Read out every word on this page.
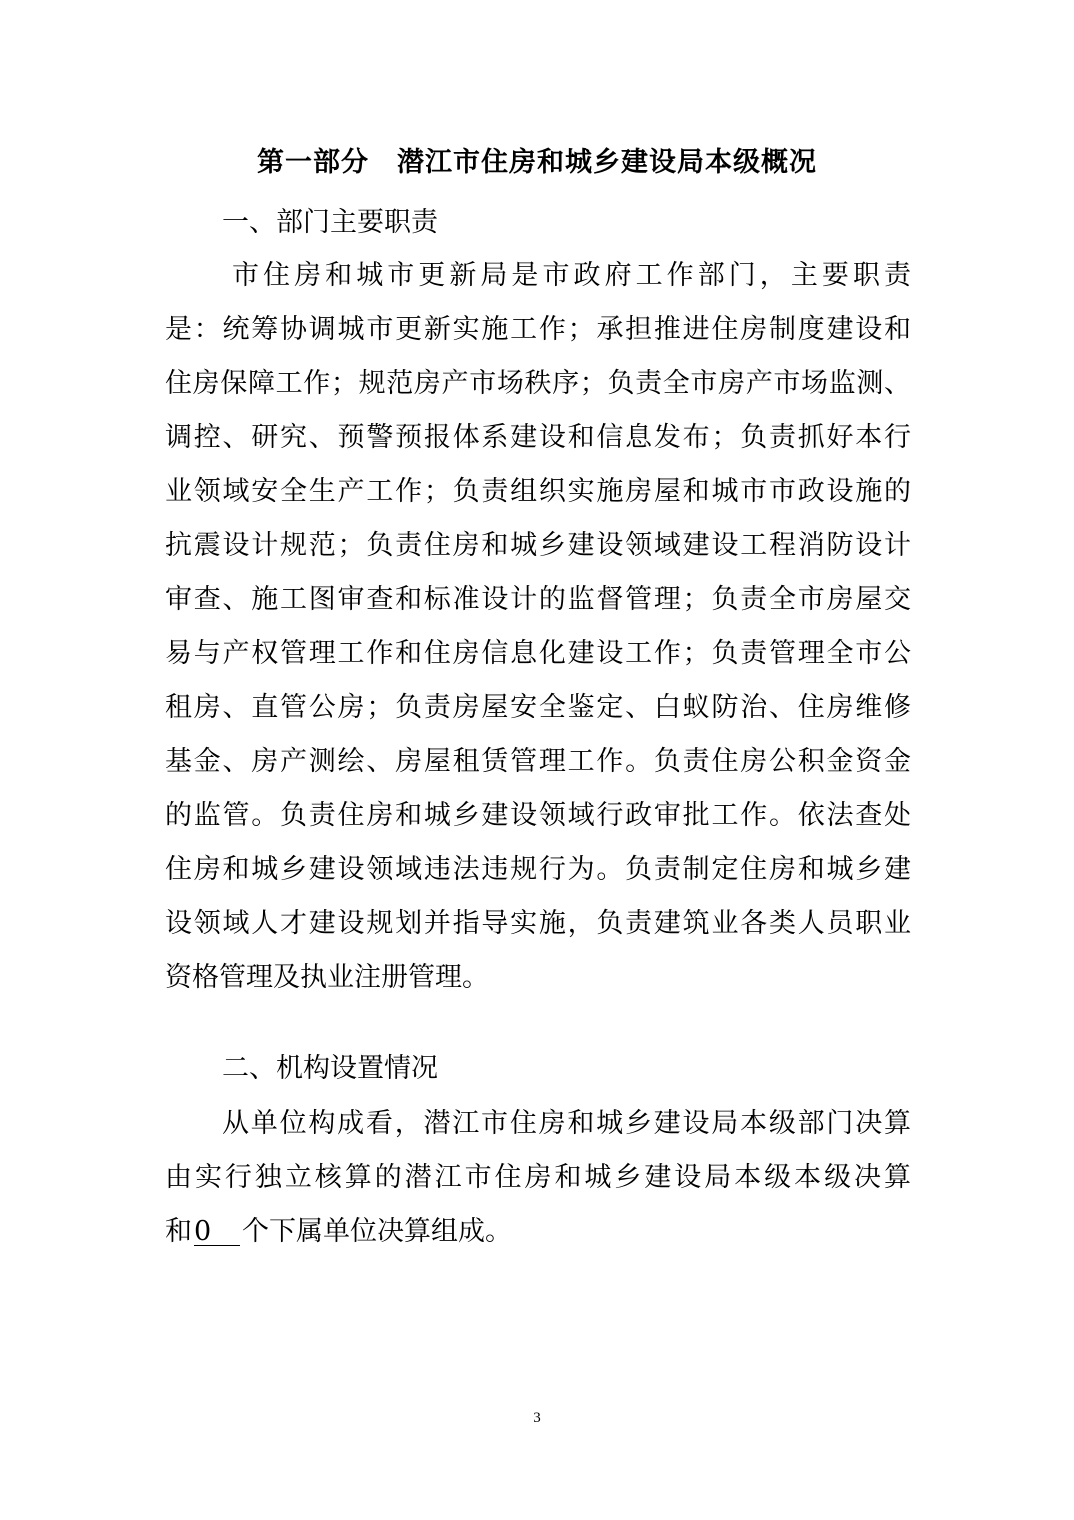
第一部分　潜江市住房和城乡建设局本级概况
一、部门主要职责
市住房和城市更新局是市政府工作部门，主要职责
是：统筹协调城市更新实施工作；承担推进住房制度建设和
住房保障工作；规范房产市场秩序；负责全市房产市场监测、
调控、研究、预警预报体系建设和信息发布；负责抓好本行
业领域安全生产工作；负责组织实施房屋和城市市政设施的
抗震设计规范；负责住房和城乡建设领域建设工程消防设计
审查、施工图审查和标准设计的监督管理；负责全市房屋交
易与产权管理工作和住房信息化建设工作；负责管理全市公
租房、直管公房；负责房屋安全鉴定、白蚁防治、住房维修
基金、房产测绘、房屋租赁管理工作。负责住房公积金资金
的监管。负责住房和城乡建设领域行政审批工作。依法查处
住房和城乡建设领域违法违规行为。负责制定住房和城乡建
设领域人才建设规划并指导实施，负责建筑业各类人员职业
资格管理及执业注册管理。
二、机构设置情况
从单位构成看，潜江市住房和城乡建设局本级部门决算
由实行独立核算的潜江市住房和城乡建设局本级本级决算
和0 个下属单位决算组成。
3
